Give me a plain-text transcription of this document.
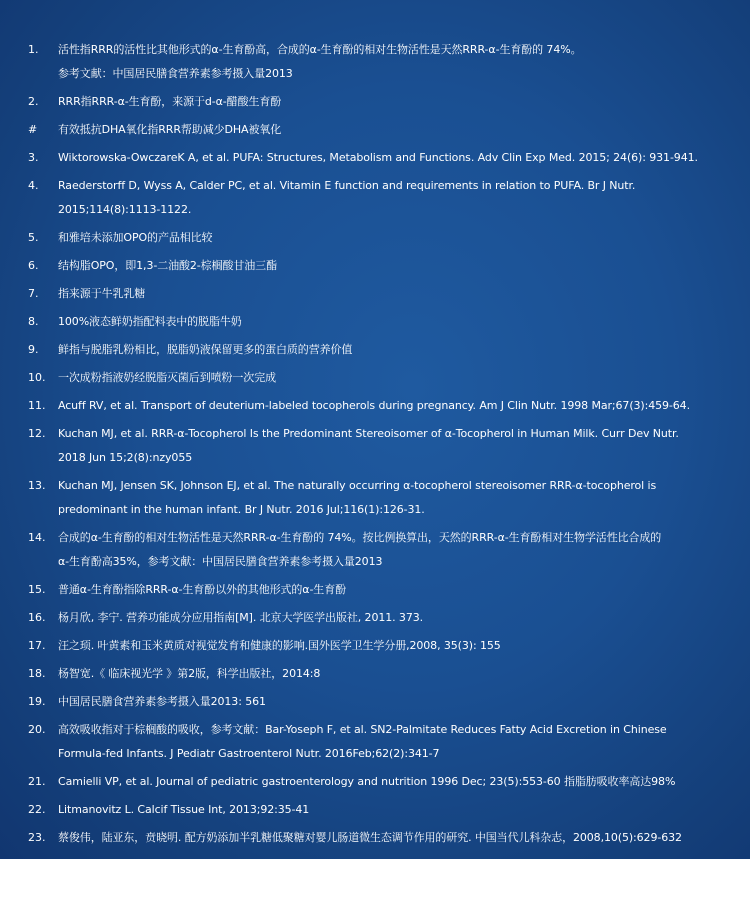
1.	活性指RRR的活性比其他形式的α-生育酚高，合成的α-生育酚的相对生物活性是天然RRR-α-生育酚的 74%。
参考文献：中国居民膳食营养素参考摄入量2013
2.	RRR指RRR-α-生育酚，来源于d-α-醋酸生育酚
#	有效抵抗DHA氧化指RRR帮助减少DHA被氧化
3.	Wiktorowska-OwczareK A, et al. PUFA: Structures, Metabolism and Functions. Adv Clin Exp Med. 2015; 24(6): 931-941.
4.	Raederstorff D, Wyss A, Calder PC, et al. Vitamin E function and requirements in relation to PUFA. Br J Nutr.
2015;114(8):1113-1122.
5.	和雅培未添加OPO的产品相比较
6.	结构脂OPO，即1,3-二油酸2-棕榈酸甘油三酯
7.	指来源于牛乳乳糖
8.	100%液态鲜奶指配料表中的脱脂牛奶
9.	鲜指与脱脂乳粉相比，脱脂奶液保留更多的蛋白质的营养价值
10.	一次成粉指液奶经脱脂灭菌后到喷粉一次完成
11.	Acuff RV, et al. Transport of deuterium-labeled tocopherols during pregnancy. Am J Clin Nutr. 1998 Mar;67(3):459-64.
12.	Kuchan MJ, et al. RRR-α-Tocopherol Is the Predominant Stereoisomer of α-Tocopherol in Human Milk. Curr Dev Nutr.
2018 Jun 15;2(8):nzy055
13.	Kuchan MJ, Jensen SK, Johnson EJ, et al. The naturally occurring α-tocopherol stereoisomer RRR-α-tocopherol is
predominant in the human infant. Br J Nutr. 2016 Jul;116(1):126-31.
14.	合成的α-生育酚的相对生物活性是天然RRR-α-生育酚的 74%。按比例换算出，天然的RRR-α-生育酚相对生物学活性比合成的
α-生育酚高35%，参考文献：中国居民膳食营养素参考摄入量2013
15.	普通α-生育酚指除RRR-α-生育酚以外的其他形式的α-生育酚
16.	杨月欣, 李宁. 营养功能成分应用指南[M]. 北京大学医学出版社, 2011. 373.
17.	汪之顼. 叶黄素和玉米黄质对视觉发育和健康的影响.国外医学卫生学分册,2008, 35(3): 155
18.	杨智宽.《 临床视光学 》第2版，科学出版社，2014:8
19.	中国居民膳食营养素参考摄入量2013: 561
20.	高效吸收指对于棕榈酸的吸收，参考文献：Bar-Yoseph F, et al. SN2-Palmitate Reduces Fatty Acid Excretion in Chinese
Formula-fed Infants. J Pediatr Gastroenterol Nutr. 2016Feb;62(2):341-7
21.	Camielli VP, et al. Journal of pediatric gastroenterology and nutrition 1996 Dec; 23(5):553-60 指脂肪吸收率高达98%
22.	Litmanovitz L. Calcif Tissue Int, 2013;92:35-41
23.	蔡俊伟，陆亚东，贲晓明. 配方奶添加半乳糖低聚糖对婴儿肠道微生态调节作用的研究. 中国当代儿科杂志，2008,10(5):629-632
24.	中国居民膳食营养素参考摄入量2013: 456, 461
25.	指菁挚纯净3段和4段产品
